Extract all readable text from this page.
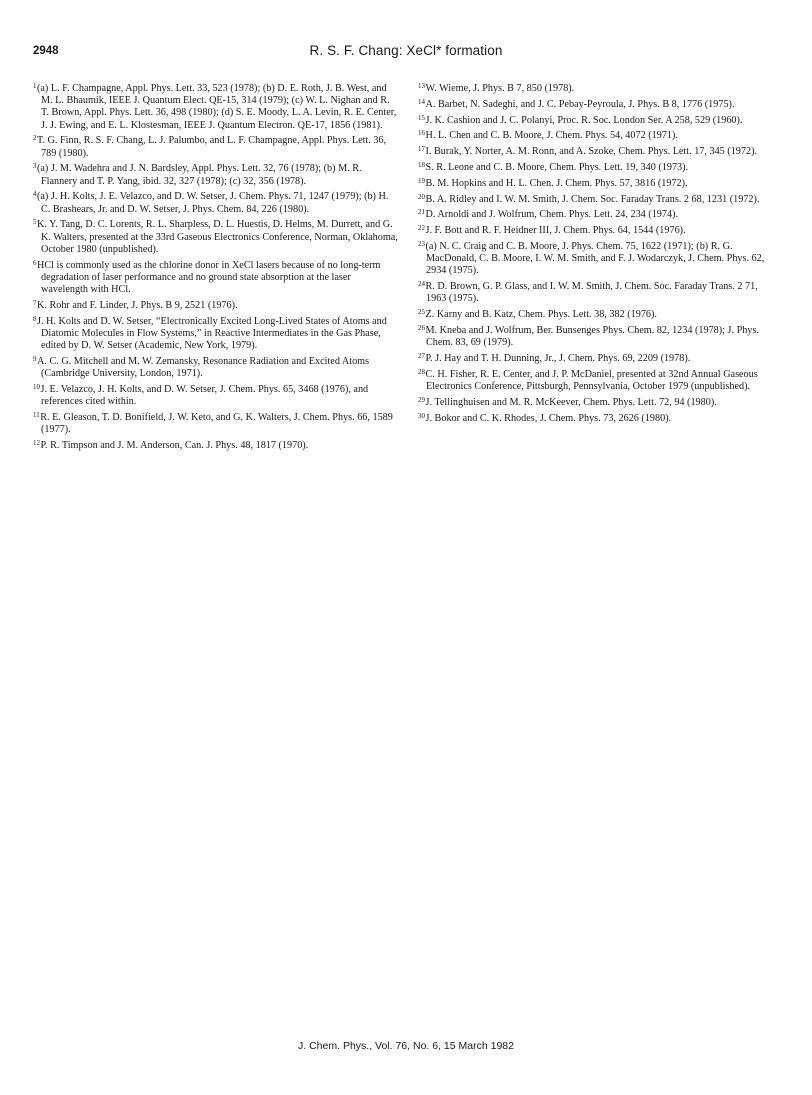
2948	R. S. F. Chang: XeCl* formation

$^1$(a) L. F. Champagne, Appl. Phys. Lett. 33, 523 (1978); (b) D. E. Roth, J. B. West, and M. L. Bhaumik, IEEE J. Quantum Elect. QE-15, 314 (1979); (c) W. L. Nighan and R. T. Brown, Appl. Phys. Lett. 36, 498 (1980); (d) S. E. Moody, L. A. Levin, R. E. Center, J. J. Ewing, and E. L. Klostesman, IEEE J. Quantum Electron. QE-17, 1856 (1981).

$^2$T. G. Finn, R. S. F. Chang, L. J. Palumbo, and L. F. Champagne, Appl. Phys. Lett. 36, 789 (1980).

$^3$(a) J. M. Wadehra and J. N. Bardsley, Appl. Phys. Lett. 32, 76 (1978); (b) M. R. Flannery and T. P. Yang, ibid. 32, 327 (1978); (c) 32, 356 (1978).

$^4$(a) J. H. Kolts, J. E. Velazco, and D. W. Setser, J. Chem. Phys. 71, 1247 (1979); (b) H. C. Brashears, Jr. and D. W. Setser, J. Phys. Chem. 84, 226 (1980).

$^5$K. Y. Tang, D. C. Lorents, R. L. Sharpless, D. L. Huestis, D. Helms, M. Durrett, and G. K. Walters, presented at the 33rd Gaseous Electronics Conference, Norman, Oklahoma, October 1980 (unpublished).

$^6$HCl is commonly used as the chlorine donor in XeCl lasers because of no long-term degradation of laser performance and no ground state absorption at the laser wavelength with HCl.

$^7$K. Rohr and F. Linder, J. Phys. B 9, 2521 (1976).

$^8$J. H. Kolts and D. W. Setser, “Electronically Excited Long-Lived States of Atoms and Diatomic Molecules in Flow Systems,” in Reactive Intermediates in the Gas Phase, edited by D. W. Setser (Academic, New York, 1979).

$^9$A. C. G. Mitchell and M. W. Zemansky, Resonance Radiation and Excited Atoms (Cambridge University, London, 1971).

$^{10}$J. E. Velazco, J. H. Kolts, and D. W. Setser, J. Chem. Phys. 65, 3468 (1976), and references cited within.

$^{11}$R. E. Gleason, T. D. Bonifield, J. W. Keto, and G. K. Walters, J. Chem. Phys. 66, 1589 (1977).

$^{12}$P. R. Timpson and J. M. Anderson, Can. J. Phys. 48, 1817 (1970).

$^{13}$W. Wieme, J. Phys. B 7, 850 (1978).

$^{14}$A. Barbet, N. Sadeghi, and J. C. Pebay-Peyroula, J. Phys. B 8, 1776 (1975).

$^{15}$J. K. Cashion and J. C. Polanyi, Proc. R. Soc. London Ser. A 258, 529 (1960).

$^{16}$H. L. Chen and C. B. Moore, J. Chem. Phys. 54, 4072 (1971).

$^{17}$I. Burak, Y. Norter, A. M. Ronn, and A. Szoke, Chem. Phys. Lett. 17, 345 (1972).

$^{18}$S. R. Leone and C. B. Moore, Chem. Phys. Lett. 19, 340 (1973).

$^{19}$B. M. Hopkins and H. L. Chen. J. Chem. Phys. 57, 3816 (1972).

$^{20}$B. A. Ridley and I. W. M. Smith, J. Chem. Soc. Faraday Trans. 2 68, 1231 (1972).

$^{21}$D. Arnoldi and J. Wolfrum, Chem. Phys. Lett. 24, 234 (1974).

$^{22}$J. F. Bott and R. F. Heidner III, J. Chem. Phys. 64, 1544 (1976).

$^{23}$(a) N. C. Craig and C. B. Moore, J. Phys. Chem. 75, 1622 (1971); (b) R. G. MacDonald, C. B. Moore, I. W. M. Smith, and F. J. Wodarczyk, J. Chem. Phys. 62, 2934 (1975).

$^{24}$R. D. Brown, G. P. Glass, and I. W. M. Smith, J. Chem. Soc. Faraday Trans. 2 71, 1963 (1975).

$^{25}$Z. Karny and B. Katz, Chem. Phys. Lett. 38, 382 (1976).

$^{26}$M. Kneba and J. Wolfrum, Ber. Bunsenges Phys. Chem. 82, 1234 (1978); J. Phys. Chem. 83, 69 (1979).

$^{27}$P. J. Hay and T. H. Dunning, Jr., J. Chem. Phys. 69, 2209 (1978).

$^{28}$C. H. Fisher, R. E. Center, and J. P. McDaniel, presented at 32nd Annual Gaseous Electronics Conference, Pittsburgh, Pennsylvania, October 1979 (unpublished).

$^{29}$J. Tellinghuisen and M. R. McKeever, Chem. Phys. Lett. 72, 94 (1980).

$^{30}$J. Bokor and C. K. Rhodes, J. Chem. Phys. 73, 2626 (1980).

J. Chem. Phys., Vol. 76, No. 6, 15 March 1982
